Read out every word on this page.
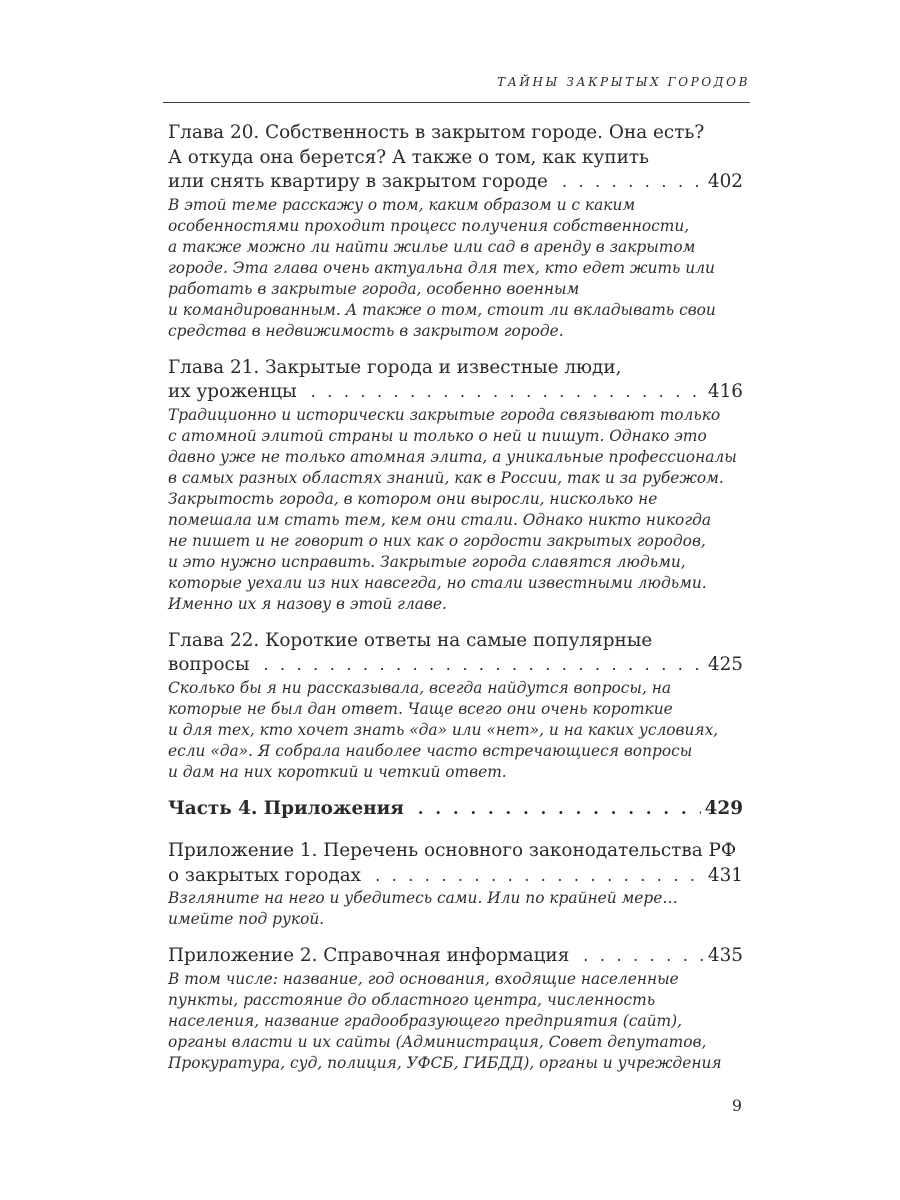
ТАЙНЫ ЗАКРЫТЫХ ГОРОДОВ
Глава 20. Собственность в закрытом городе. Она есть?
А откуда она берется? А также о том, как купить
или снять квартиру в закрытом городе . . .	402
В этой теме расскажу о том, каким образом и с каким
особенностями проходит процесс получения собственности,
а также можно ли найти жилье или сад в аренду в закрытом
городе. Эта глава очень актуальна для тех, кто едет жить или
работать в закрытые города, особенно военным
и командированным. А также о том, стоит ли вкладывать свои
средства в недвижимость в закрытом городе.
Глава 21. Закрытые города и известные люди,
их уроженцы . . .	416
Традиционно и исторически закрытые города связывают только
с атомной элитой страны и только о ней и пишут. Однако это
давно уже не только атомная элита, а уникальные профессионалы
в самых разных областях знаний, как в России, так и за рубежом.
Закрытость города, в котором они выросли, нисколько не
помешала им стать тем, кем они стали. Однако никто никогда
не пишет и не говорит о них как о гордости закрытых городов,
и это нужно исправить. Закрытые города славятся людьми,
которые уехали из них навсегда, но стали известными людьми.
Именно их я назову в этой главе.
Глава 22. Короткие ответы на самые популярные
вопросы . . .	425
Сколько бы я ни рассказывала, всегда найдутся вопросы, на
которые не был дан ответ. Чаще всего они очень короткие
и для тех, кто хочет знать «да» или «нет», и на каких условиях,
если «да». Я собрала наиболее часто встречающиеся вопросы
и дам на них короткий и четкий ответ.
Часть 4. Приложения . . .	429
Приложение 1. Перечень основного законодательства РФ
о закрытых городах . . .	431
Взгляните на него и убедитесь сами. Или по крайней мере…
имейте под рукой.
Приложение 2. Справочная информация . . .	435
В том числе: название, год основания, входящие населенные
пункты, расстояние до областного центра, численность
населения, название градообразующего предприятия (сайт),
органы власти и их сайты (Администрация, Совет депутатов,
Прокуратура, суд, полиция, УФСБ, ГИБДД), органы и учреждения
9
